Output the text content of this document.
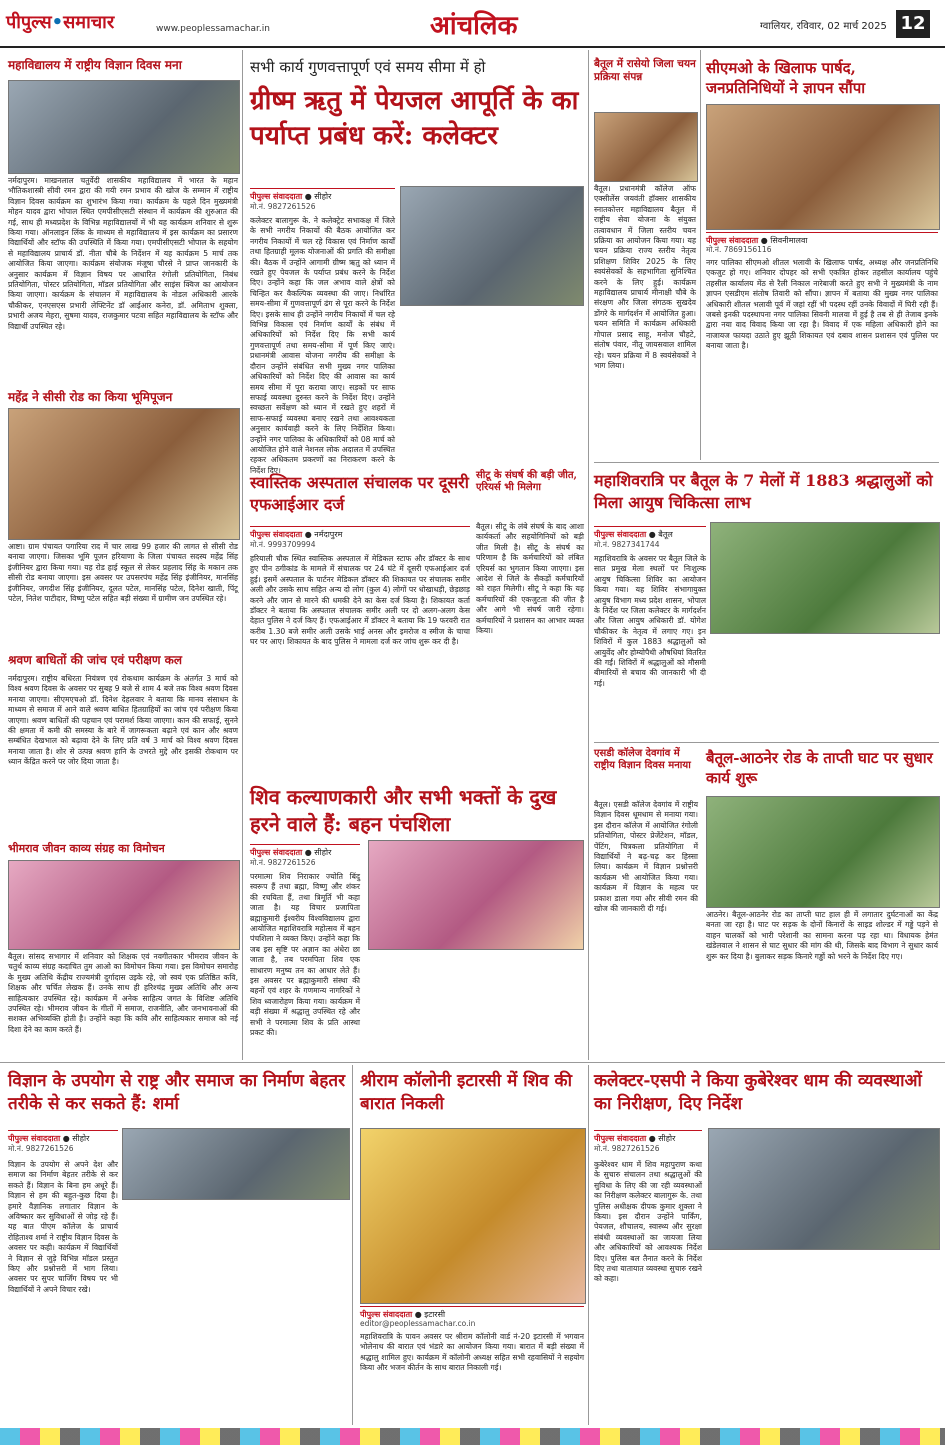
पीपुल्स•समाचार	www.peoplessamachar.in	आंचलिक	ग्वालियर, रविवार, 02 मार्च 2025 12
महाविद्यालय में राष्ट्रीय विज्ञान दिवस मना
नर्मदापुरम। माखनलाल चतुर्वेदी शासकीय महाविद्यालय में भारत के महान भौतिकशास्त्री सीवी रमन द्वारा की गयी रमन प्रभाव की खोज के सम्मान में राष्ट्रीय विज्ञान दिवस कार्यक्रम का शुभारंभ किया गया। कार्यक्रम के पहले दिन मुख्यमंत्री मोहन यादव द्वारा भोपाल स्थित एमपीसीएसटी संस्थान में कार्यक्रम की शुरुआत की गई, साथ ही मध्यप्रदेश के विभिन्न महाविद्यालयों में भी यह कार्यक्रम शनिवार से शुरू किया गया। ऑनलाइन लिंक के माध्यम से महाविद्यालय में इस कार्यक्रम का प्रसारण विद्यार्थियों और स्टॉफ की उपस्थिति में किया गया। एमपीसीएसटी भोपाल के सहयोग से महाविद्यालय प्राचार्य डॉ. नीता चौबे के निर्देशन में यह कार्यक्रम 5 मार्च तक आयोजित किया जाएगा। कार्यक्रम संयोजक मंजूषा चौरसे ने प्राप्त जानकारी के अनुसार कार्यक्रम में विज्ञान विषय पर आधारित रंगोली प्रतियोगिता, निबंध प्रतियोगिता, पोस्टर प्रतियोगिता, मॉडल प्रतियोगिता और साइंस क्विज का आयोजन किया जाएगा। कार्यक्रम के संचालन में महाविद्यालय के नोडल अधिकारी आरके चौकीकर, एनएसएस प्रभारी लेफ्टिनेंट डॉ आईआर कनेरा, डॉ. अमिताभ शुक्ला, प्रभारी अजय मेहरा, सुषमा यादव, राजकुमार पटवा सहित महाविद्यालय के स्टॉफ और विद्यार्थी उपस्थित रहे।
महेंद्र ने सीसी रोड का किया भूमिपूजन
आष्टा। ग्राम पंचायत पगारिया राद में चार लाख 99 हजार की लागत से सीसी रोड बनाया जाएगा। जिसका भूमि पूजन हरियाणा के जिला पंचायत सदस्य महेंद्र सिंह इंजीनियर द्वारा किया गया। यह रोड हाई स्कूल से लेकर प्रहलाद सिंह के मकान तक सीसी रोड बनाया जाएगा। इस अवसर पर उपसरपंच महेंद्र सिंह इंजीनियर, मानसिंह इंजीनियर, जगदीश सिंह इंजीनियर, दूलत पटेल, मानसिंह पटेल, दिनेश खाती, पिंटू पटेल, नितेश पाटीदार, विष्णु पटेल सहित बड़ी संख्या में ग्रामीण जन उपस्थित रहे।
श्रवण बाधितों की जांच एवं परीक्षण कल
नर्मदापुरम। राष्ट्रीय बधिरता नियंत्रण एवं रोकथाम कार्यक्रम के अंतर्गत 3 मार्च को विश्व श्रवण दिवस के अवसर पर सुबह 9 बजे से शाम 4 बजे तक विश्व श्रवण दिवस मनाया जाएगा। सीएमएचओ डॉ. दिनेश देहलवार ने बताया कि मानव संसाधन के माध्यम से समाज में आने वाले श्रवण बाधित हितग्राहियों का जांच एवं परीक्षण किया जाएगा। श्रवण बाधितों की पहचान एवं परामर्श किया जाएगा। कान की सफाई, सुनने की क्षमता में कमी की समस्या के बारे में जागरूकता बढ़ाने एवं कान और श्रवण सम्बंधित देखभाल को बढ़ावा देने के लिए प्रति वर्ष 3 मार्च को विश्व श्रवण दिवस मनाया जाता है। शोर से उत्पन्न श्रवण हानि के उभरते मुद्दे और इसकी रोकथाम पर ध्यान केंद्रित करने पर जोर दिया जाता है।
भीमराव जीवन काव्य संग्रह का विमोचन
बैतूल। सांसद सभागार में शनिवार को शिक्षक एवं नवगीतकार भीमराव जीवन के चतुर्थ काव्य संग्रह कदाचित तुम आओ का विमोचन किया गया। इस विमोचन समारोह के मुख्य अतिथि केंद्रीय राज्यमंत्री दुर्गादास उइके रहे, जो स्वयं एक प्रतिष्ठित कवि, शिक्षक और चर्चित लेखक हैं। उनके साथ ही हरिश्चंद्र मुख्य अतिथि और अन्य साहित्यकार उपस्थित रहे। कार्यक्रम में अनेक साहित्य जगत के विशिष्ट अतिथि उपस्थित रहे। भीमराव जीवन के गीतों में समाज, राजनीति, और जनभावनाओं की सशक्त अभिव्यक्ति होती है। उन्होंने कहा कि कवि और साहित्यकार समाज को नई दिशा देने का काम करते हैं।
सभी कार्य गुणवत्तापूर्ण एवं समय सीमा में हो
ग्रीष्म ऋतु में पेयजल आपूर्ति के का पर्याप्त प्रबंध करें: कलेक्टर
पीपुल्स संवाददाता ● सीहोर
मो.नं. 9827261526
कलेक्टर बालागुरू के. ने कलेक्ट्रेट सभाकक्ष में जिले के सभी नगरीय निकायों की बैठक आयोजित कर नगरीय निकायों में चल रहे विकास एवं निर्माण कार्यों तथा हितग्राही मूलक योजनाओं की प्रगति की समीक्षा की। बैठक में उन्होंने आगामी ग्रीष्म ऋतु को ध्यान में रखते हुए पेयजल के पर्याप्त प्रबंध करने के निर्देश दिए। उन्होंने कहा कि जल अभाव वाले क्षेत्रों को चिन्हित कर वैकल्पिक व्यवस्था की जाए। निर्धारित समय-सीमा में गुणवत्तापूर्ण ढंग से पूरा करने के निर्देश दिए। इसके साथ ही उन्होंने नगरीय निकायों में चल रहे विभिन्न विकास एवं निर्माण कार्यों के संबंध में अधिकारियों को निर्देश दिए कि सभी कार्य गुणवत्तापूर्ण तथा समय-सीमा में पूर्ण किए जाएं। प्रधानमंत्री आवास योजना नगरीय की समीक्षा के दौरान उन्होंने संबंधित सभी मुख्य नगर पालिका अधिकारियों को निर्देश दिए की आवास का कार्य समय सीमा में पूरा कराया जाए। सड़कों पर साफ सफाई व्यवस्था दुरुस्त करने के निर्देश दिए। उन्होंने स्वच्छता सर्वेक्षण को ध्यान में रखते हुए शहरों में साफ-सफाई व्यवस्था बनाए रखने तथा आवश्यकता अनुसार कार्यवाही करने के लिए निर्देशित किया। उन्होंने नगर पालिका के अधिकारियों को 08 मार्च को आयोजित होने वाले नेशनल लोक अदालत में उपस्थित रहकर अधिकतम प्रकरणों का निराकरण करने के निर्देश दिए।
स्वास्तिक अस्पताल संचालक पर दूसरी एफआईआर दर्ज
पीपुल्स संवाददाता ● नर्मदापुरम
मो.नं. 9993709994
हरियाली चौक स्थित स्वास्तिक अस्पताल में मेडिकल स्टाफ और डॉक्टर के साथ हुए पीन ठगीकांड के मामले में संचालक पर 24 घंटे में दूसरी एफआईआर दर्ज हुई। इसमें अस्पताल के पार्टनर मेडिकल डॉक्टर की शिकायत पर संचालक समीर अली और उसके साथ सहित अन्य दो लोग (कुल 4) लोगों पर धोखाधड़ी, छेड़छाड़ करने और जान से मारने की धमकी देने का केस दर्ज किया है। शिकायत कर्ता डॉक्टर ने बताया कि अस्पताल संचालक समीर अली पर दो अलग-अलग केस देहात पुलिस ने दर्ज किए हैं। एफआईआर में डॉक्टर ने बताया कि 19 फरवरी रात करीब 1.30 बजे समीर अली उसके भाई अनस और इमरोज व स्मीज के चाचा घर पर आए। शिकायत के बाद पुलिस ने मामला दर्ज कर जांच शुरू कर दी है।
सीटू के संघर्ष की बड़ी जीत, एरियर्स भी मिलेगा
बैतूल। सीटू के लंबे संघर्ष के बाद आशा कार्यकर्ता और सहयोगिनियों को बड़ी जीत मिली है। सीटू के संघर्ष का परिणाम है कि कर्मचारियों को लंबित एरियर्स का भुगतान किया जाएगा। इस आदेश से जिले के सैकड़ों कर्मचारियों को राहत मिलेगी। सीटू ने कहा कि यह कर्मचारियों की एकजुटता की जीत है और आगे भी संघर्ष जारी रहेगा। कर्मचारियों ने प्रशासन का आभार व्यक्त किया।
शिव कल्याणकारी और सभी भक्तों के दुख हरने वाले हैं: बहन पंचशिला
पीपुल्स संवाददाता ● सीहोर
मो.नं. 9827261526
परमात्मा शिव निराकार ज्योति बिंदु स्वरूप हैं तथा ब्रह्मा, विष्णु और शंकर की रचयिता हैं, तथा त्रिमूर्ति भी कहा जाता है। यह विचार प्रजापिता ब्रह्माकुमारी ईश्वरीय विश्वविद्यालय द्वारा आयोजित महाशिवरात्रि महोत्सव में बहन पंचशिला ने व्यक्त किए। उन्होंने कहा कि जब इस सृष्टि पर अज्ञान का अंधेरा छा जाता है, तब परमपिता शिव एक साधारण मनुष्य तन का आधार लेते हैं। इस अवसर पर ब्रह्माकुमारी संस्था की बहनों एवं शहर के गणमान्य नागरिकों ने शिव ध्वजारोहण किया गया। कार्यक्रम में बड़ी संख्या में श्रद्धालु उपस्थित रहे और सभी ने परमात्मा शिव के प्रति आस्था प्रकट की।
बैतूल में रासेयो जिला चयन प्रक्रिया संपन्न
बैतूल। प्रधानमंत्री कॉलेज ऑफ एक्सीलेंस जयवंती हॉक्सर शासकीय स्नातकोत्तर महाविद्यालय बैतूल में राष्ट्रीय सेवा योजना के संयुक्त तत्वावधान में जिला स्तरीय चयन प्रक्रिया का आयोजन किया गया। यह चयन प्रक्रिया राज्य स्तरीय नेतृत्व प्रशिक्षण शिविर 2025 के लिए स्वयंसेवकों के सहभागिता सुनिश्चित करने के लिए हुई। कार्यक्रम महाविद्यालय प्राचार्य मीनाक्षी चौबे के संरक्षण और जिला संगठक सुखदेव डोंगरे के मार्गदर्शन में आयोजित हुआ। चयन समिति में कार्यक्रम अधिकारी गोपाल प्रसाद साहू, मनोज चौहटे, संतोष पंवार, नीतू जायसवाल शामिल रहे। चयन प्रक्रिया में 8 स्वयंसेवकों ने भाग लिया।
सीएमओ के खिलाफ पार्षद, जनप्रतिनिधियों ने ज्ञापन सौंपा
पीपुल्स संवाददाता ● सिवनीमालवा
मो.नं. 7869156116
नगर पालिका सीएमओ शीतल भलावी के खिलाफ पार्षद, अध्यक्ष और जनप्रतिनिधि एकजुट हो गए। शनिवार दोपहर को सभी एकत्रित होकर तहसील कार्यालय पहुंचे तहसील कार्यालय मेंठ से रैली निकाल नारेबाजी करते हुए सभी ने मुख्यमंत्री के नाम ज्ञापन एसडीएम संतोष तिवारी को सौंपा। ज्ञापन में बताया की मुख्य नगर पालिका अधिकारी शीतल भलावी पूर्व में जहां रहीं भी पदस्थ रहीं उनके विवादों में घिरी रही हैं। जबसे इनकी पदस्थापना नगर पालिका सिवनी मालवा में हुई है तब से ही तेजाब इनके द्वारा नया वाद विवाद किया जा रहा है। विवाद में एक महिला अधिकारी होने का नाजायज फायदा उठाते हुए झूठी शिकायत एवं दबाव शासन प्रशासन एवं पुलिस पर बनाया जाता है।
महाशिवरात्रि पर बैतूल के 7 मेलों में 1883 श्रद्धालुओं को मिला आयुष चिकित्सा लाभ
पीपुल्स संवाददाता ● बैतूल
मो.नं. 9827341744
महाशिवरात्रि के अवसर पर बैतूल जिले के सात प्रमुख मेला स्थलों पर निःशुल्क आयुष चिकित्सा शिविर का आयोजन किया गया। यह शिविर संभागायुक्त आयुष विभाग मध्य प्रदेश शासन, भोपाल के निर्देश पर जिला कलेक्टर के मार्गदर्शन और जिला आयुष अधिकारी डॉ. योगेश चौकीकर के नेतृत्व में लगाए गए। इन शिविरों में कुल 1883 श्रद्धालुओं को आयुर्वेद और होम्योपैथी औषधियां वितरित की गईं। शिविरों में श्रद्धालुओं को मौसमी बीमारियों से बचाव की जानकारी भी दी गई।
एसडी कॉलेज देवगांव में राष्ट्रीय विज्ञान दिवस मनाया
बैतूल। एसडी कॉलेज देवगांव में राष्ट्रीय विज्ञान दिवस धूमधाम से मनाया गया। इस दौरान कॉलेज में आयोजित रंगोली प्रतियोगिता, पोस्टर प्रेजेंटेशन, मॉडल, पेंटिंग, चित्रकला प्रतियोगिता में विद्यार्थियों ने बढ़-चढ़ कर हिस्सा लिया। कार्यक्रम में विज्ञान प्रश्नोत्तरी कार्यक्रम भी आयोजित किया गया। कार्यक्रम में विज्ञान के महत्व पर प्रकाश डाला गया और सीवी रमन की खोज की जानकारी दी गई।
बैतूल-आठनेर रोड के ताप्ती घाट पर सुधार कार्य शुरू
आठनेर। बैतूल-आठनेर रोड का ताप्ती घाट हाल ही में लगातार दुर्घटनाओं का केंद्र बनता जा रहा है। घाट पर सड़क के दोनों किनारों के साइड शोल्डर में गड्ढे पड़ने से वाहन चालकों को भारी परेशानी का सामना करना पड़ रहा था। विधायक हेमंत खंडेलवाल ने शासन से घाट सुधार की मांग की थी, जिसके बाद विभाग ने सुधार कार्य शुरू कर दिया है। बुलाकर सड़क किनारे गड्ढों को भरने के निर्देश दिए गए।
विज्ञान के उपयोग से राष्ट्र और समाज का निर्माण बेहतर तरीके से कर सकते हैं: शर्मा
पीपुल्स संवाददाता ● सीहोर
मो.नं. 9827261526
विज्ञान के उपयोग से अपने देश और समाज का निर्माण बेहतर तरीके से कर सकते हैं। विज्ञान के बिना हम अधूरे हैं। विज्ञान से हम की बहुत-कुछ दिया है। हमारे वैज्ञानिक लगातार विज्ञान के अविष्कार कर सुविधाओं से जोड़ रहे हैं। यह बात पीएम कॉलेज के प्राचार्य रोहिताश्व शर्मा ने राष्ट्रीय विज्ञान दिवस के अवसर पर कही। कार्यक्रम में विद्यार्थियों ने विज्ञान से जुड़े विभिन्न मॉडल प्रस्तुत किए और प्रश्नोत्तरी में भाग लिया। अवसर पर सुपर चार्जिंग विषय पर भी विद्यार्थियों ने अपने विचार रखे।
श्रीराम कॉलोनी इटारसी में शिव की बारात निकली
पीपुल्स संवाददाता ● इटारसी
editor@peoplessamachar.co.in
महाशिवरात्रि के पावन अवसर पर श्रीराम कॉलोनी वार्ड नं-20 इटारसी में भगवान भोलेनाथ की बारात एवं भंडारे का आयोजन किया गया। बारात में बड़ी संख्या में श्रद्धालु शामिल हुए। कार्यक्रम में कॉलोनी अध्यक्ष सहित सभी रहवासियों ने सहयोग किया और भजन कीर्तन के साथ बारात निकाली गई।
कलेक्टर-एसपी ने किया कुबेरेश्वर धाम की व्यवस्थाओं का निरीक्षण, दिए निर्देश
पीपुल्स संवाददाता ● सीहोर
मो.नं. 9827261526
कुबेरेश्वर धाम में शिव महापुराण कथा के सुचारु संचालन तथा श्रद्धालुओं की सुविधा के लिए की जा रही व्यवस्थाओं का निरीक्षण कलेक्टर बालागुरू के. तथा पुलिस अधीक्षक दीपक कुमार शुक्ला ने किया। इस दौरान उन्होंने पार्किंग, पेयजल, शौचालय, स्वास्थ्य और सुरक्षा संबंधी व्यवस्थाओं का जायजा लिया और अधिकारियों को आवश्यक निर्देश दिए। पुलिस बल तैनात करने के निर्देश दिए तथा यातायात व्यवस्था सुचारु रखने को कहा।
